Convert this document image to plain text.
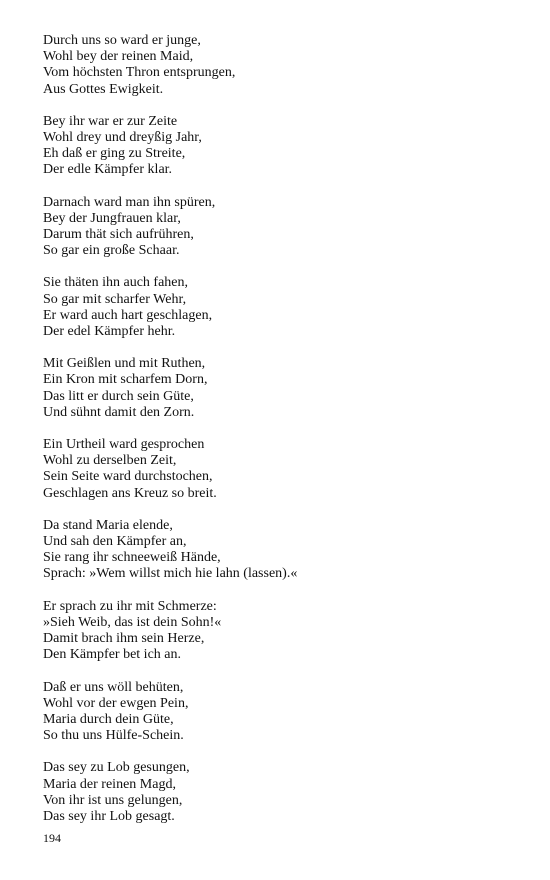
Durch uns so ward er junge,
Wohl bey der reinen Maid,
Vom höchsten Thron entsprungen,
Aus Gottes Ewigkeit.
Bey ihr war er zur Zeite
Wohl drey und dreyßig Jahr,
Eh daß er ging zu Streite,
Der edle Kämpfer klar.
Darnach ward man ihn spüren,
Bey der Jungfrauen klar,
Darum thät sich aufrühren,
So gar ein große Schaar.
Sie thäten ihn auch fahen,
So gar mit scharfer Wehr,
Er ward auch hart geschlagen,
Der edel Kämpfer hehr.
Mit Geißlen und mit Ruthen,
Ein Kron mit scharfem Dorn,
Das litt er durch sein Güte,
Und sühnt damit den Zorn.
Ein Urtheil ward gesprochen
Wohl zu derselben Zeit,
Sein Seite ward durchstochen,
Geschlagen ans Kreuz so breit.
Da stand Maria elende,
Und sah den Kämpfer an,
Sie rang ihr schneeweiß Hände,
Sprach: »Wem willst mich hie lahn (lassen).«
Er sprach zu ihr mit Schmerze:
»Sieh Weib, das ist dein Sohn!«
Damit brach ihm sein Herze,
Den Kämpfer bet ich an.
Daß er uns wöll behüten,
Wohl vor der ewgen Pein,
Maria durch dein Güte,
So thu uns Hülfe-Schein.
Das sey zu Lob gesungen,
Maria der reinen Magd,
Von ihr ist uns gelungen,
Das sey ihr Lob gesagt.
194
